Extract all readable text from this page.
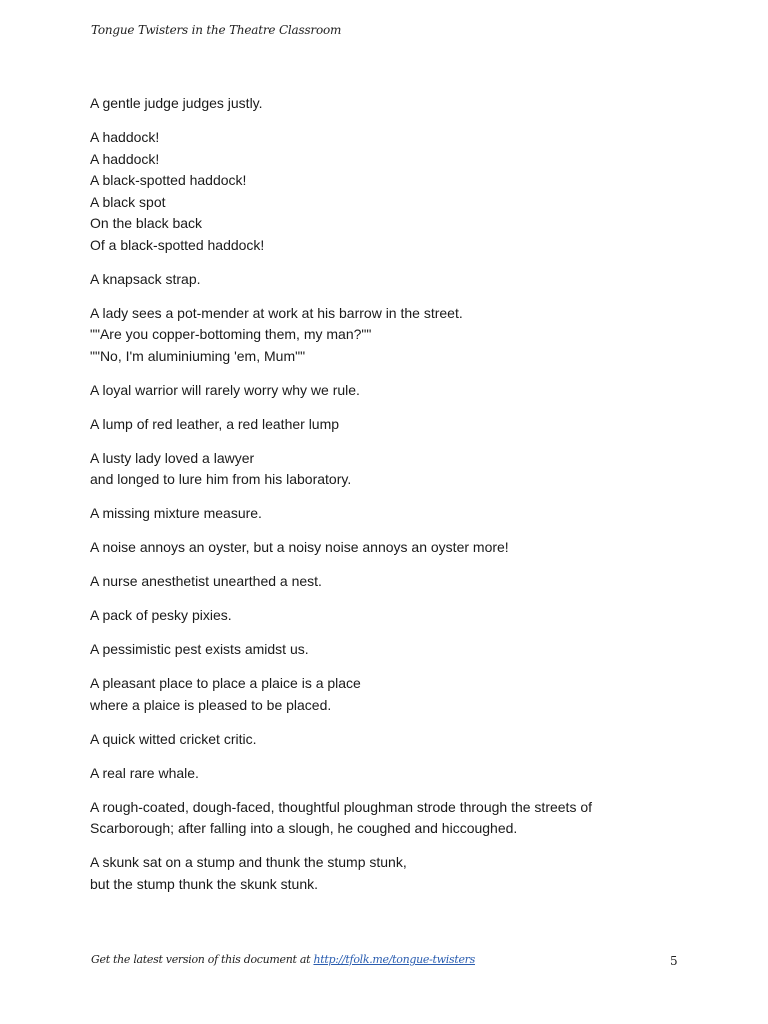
Tongue Twisters in the Theatre Classroom
A gentle judge judges justly.
A haddock!
A haddock!
A black-spotted haddock!
A black spot
On the black back
Of a black-spotted haddock!
A knapsack strap.
A lady sees a pot-mender at work at his barrow in the street.
""Are you copper-bottoming them, my man?""
""No, I'm aluminiuming 'em, Mum""
A loyal warrior will rarely worry why we rule.
A lump of red leather, a red leather lump
A lusty lady loved a lawyer
and longed to lure him from his laboratory.
A missing mixture measure.
A noise annoys an oyster, but a noisy noise annoys an oyster more!
A nurse anesthetist unearthed a nest.
A pack of pesky pixies.
A pessimistic pest exists amidst us.
A pleasant place to place a plaice is a place
where a plaice is pleased to be placed.
A quick witted cricket critic.
A real rare whale.
A rough-coated, dough-faced, thoughtful ploughman strode through the streets of
Scarborough; after falling into a slough, he coughed and hiccoughed.
A skunk sat on a stump and thunk the stump stunk,
but the stump thunk the skunk stunk.
Get the latest version of this document at http://tfolk.me/tongue-twisters	5
